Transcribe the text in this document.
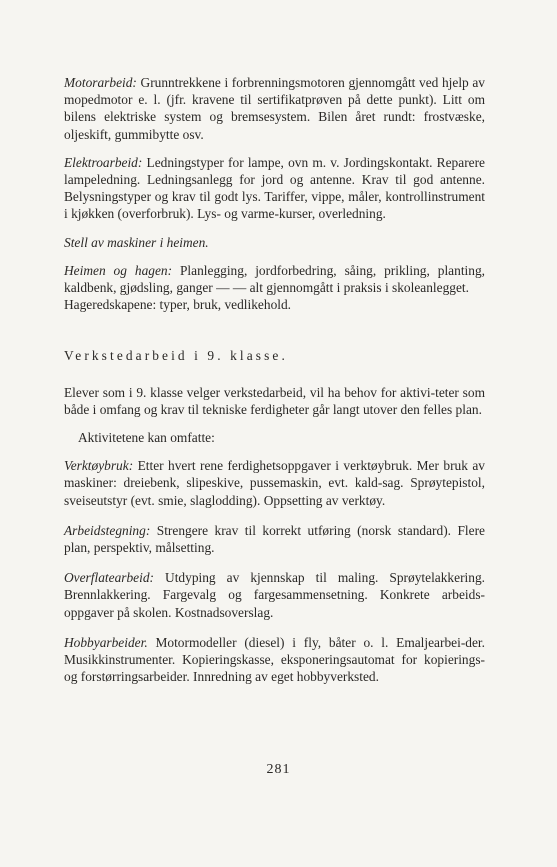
Motorarbeid: Grunntrekkene i forbrenningsmotoren gjennomgått ved hjelp av mopedmotor e. l. (jfr. kravene til sertifikatprøven på dette punkt). Litt om bilens elektriske system og bremsesystem. Bilen året rundt: frostvæske, oljeskift, gummibytte osv.

Elektroarbeid: Ledningstyper for lampe, ovn m. v. Jordingskontakt. Reparere lampeledning. Ledningsanlegg for jord og antenne. Krav til god antenne. Belysningstyper og krav til godt lys. Tariffer, vippe, måler, kontrollinstrument i kjøkken (overforbruk). Lys- og varme-kurser, overledning.

Stell av maskiner i heimen.

Heimen og hagen: Planlegging, jordforbedring, såing, prikling, planting, kaldbenk, gjødsling, ganger — — alt gjennomgått i praksis i skoleanlegget.

Hageredskapene: typer, bruk, vedlikehold.

Verkstedarbeid i 9. klasse.

Elever som i 9. klasse velger verkstedarbeid, vil ha behov for aktivi-teter som både i omfang og krav til tekniske ferdigheter går langt utover den felles plan.

Aktivitetene kan omfatte:

Verktøybruk: Etter hvert rene ferdighetsoppgaver i verktøybruk. Mer bruk av maskiner: dreiebenk, slipeskive, pussemaskin, evt. kald-sag. Sprøytepistol, sveiseutstyr (evt. smie, slaglodding). Oppsetting av verktøy.

Arbeidstegning: Strengere krav til korrekt utføring (norsk standard). Flere plan, perspektiv, målsetting.

Overflatearbeid: Utdyping av kjennskap til maling. Sprøytelakkering. Brennlakkering. Fargevalg og fargesammensetning. Konkrete arbeids-oppgaver på skolen. Kostnadsoverslag.

Hobbyarbeider. Motormodeller (diesel) i fly, båter o. l. Emaljearbei-der. Musikkinstrumenter. Kopieringskasse, eksponeringsautomat for kopierings- og forstørringsarbeider. Innredning av eget hobbyverksted.

281
